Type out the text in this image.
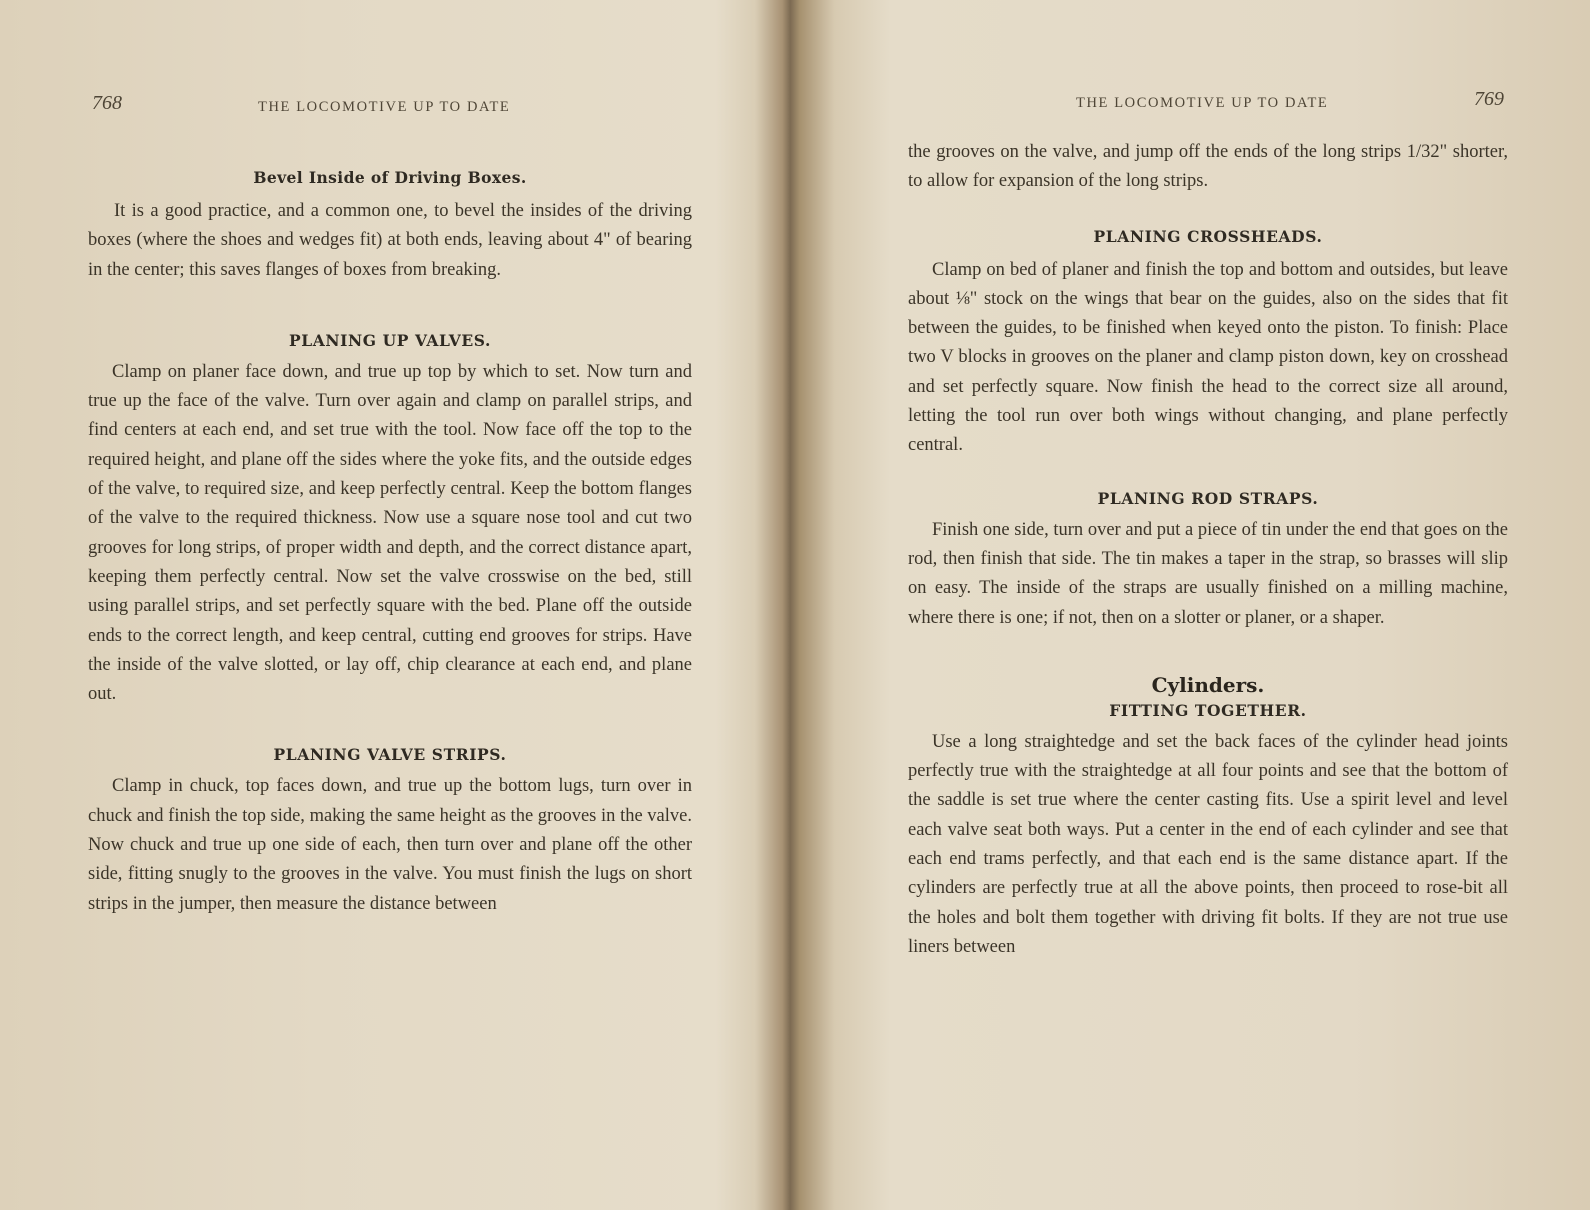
768	THE LOCOMOTIVE UP TO DATE
Bevel Inside of Driving Boxes.

It is a good practice, and a common one, to bevel the insides of the driving boxes (where the shoes and wedges fit) at both ends, leaving about 4" of bearing in the center; this saves flanges of boxes from breaking.

PLANING UP VALVES.

Clamp on planer face down, and true up top by which to set. Now turn and true up the face of the valve. Turn over again and clamp on parallel strips, and find centers at each end, and set true with the tool. Now face off the top to the required height, and plane off the sides where the yoke fits, and the outside edges of the valve, to required size, and keep perfectly central. Keep the bottom flanges of the valve to the required thickness. Now use a square nose tool and cut two grooves for long strips, of proper width and depth, and the correct distance apart, keeping them perfectly central. Now set the valve crosswise on the bed, still using parallel strips, and set perfectly square with the bed. Plane off the outside ends to the correct length, and keep central, cutting end grooves for strips. Have the inside of the valve slotted, or lay off, chip clearance at each end, and plane out.

PLANING VALVE STRIPS.

Clamp in chuck, top faces down, and true up the bottom lugs, turn over in chuck and finish the top side, making the same height as the grooves in the valve. Now chuck and true up one side of each, then turn over and plane off the other side, fitting snugly to the grooves in the valve. You must finish the lugs on short strips in the jumper, then measure the distance between

THE LOCOMOTIVE UP TO DATE	769

the grooves on the valve, and jump off the ends of the long strips 1/32" shorter, to allow for expansion of the long strips.

PLANING CROSSHEADS.

Clamp on bed of planer and finish the top and bottom and outsides, but leave about ⅛" stock on the wings that bear on the guides, also on the sides that fit between the guides, to be finished when keyed onto the piston. To finish: Place two V blocks in grooves on the planer and clamp piston down, key on crosshead and set perfectly square. Now finish the head to the correct size all around, letting the tool run over both wings without changing, and plane perfectly central.

PLANING ROD STRAPS.

Finish one side, turn over and put a piece of tin under the end that goes on the rod, then finish that side. The tin makes a taper in the strap, so brasses will slip on easy. The inside of the straps are usually finished on a milling machine, where there is one; if not, then on a slotter or planer, or a shaper.

Cylinders.
FITTING TOGETHER.

Use a long straightedge and set the back faces of the cylinder head joints perfectly true with the straightedge at all four points and see that the bottom of the saddle is set true where the center casting fits. Use a spirit level and level each valve seat both ways. Put a center in the end of each cylinder and see that each end trams perfectly, and that each end is the same distance apart. If the cylinders are perfectly true at all the above points, then proceed to rose-bit all the holes and bolt them together with driving fit bolts. If they are not true use liners between
